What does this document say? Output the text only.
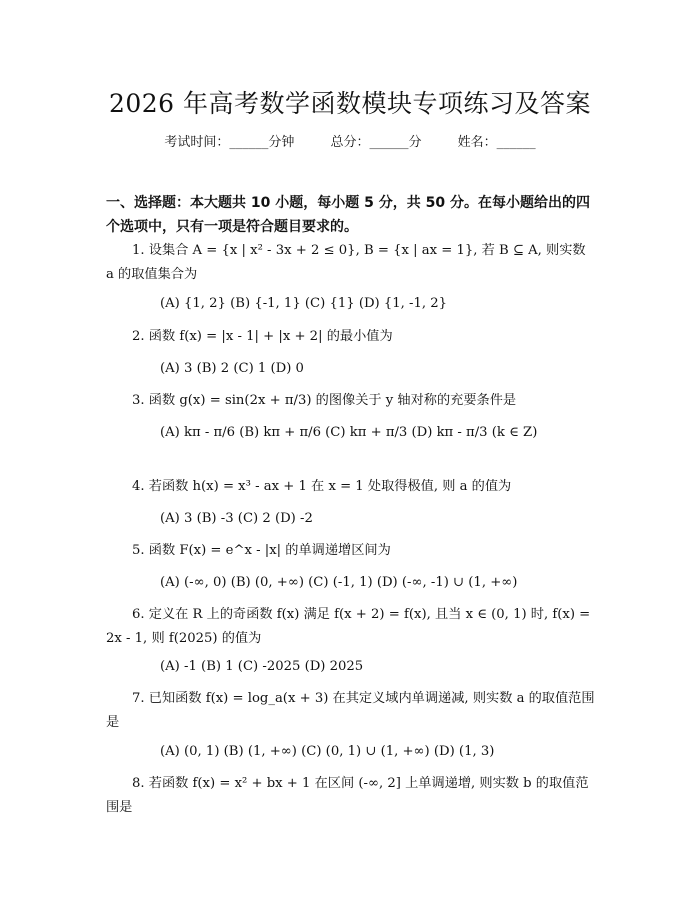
2026 年高考数学函数模块专项练习及答案
考试时间：______分钟	总分：______分	姓名：______
一、选择题：本大题共 10 小题，每小题 5 分，共 50 分。在每小题给出的四个选项中，只有一项是符合题目要求的。
1. 设集合 A = {x | x² - 3x + 2 ≤ 0}, B = {x | ax = 1}, 若 B ⊆ A, 则实数 a 的取值集合为
(A) {1, 2} (B) {-1, 1} (C) {1} (D) {1, -1, 2}
2. 函数 f(x) = |x - 1| + |x + 2| 的最小值为
(A) 3 (B) 2 (C) 1 (D) 0
3. 函数 g(x) = sin(2x + π/3) 的图像关于 y 轴对称的充要条件是
(A) kπ - π/6 (B) kπ + π/6 (C) kπ + π/3 (D) kπ - π/3 (k ∈ Z)
4. 若函数 h(x) = x³ - ax + 1 在 x = 1 处取得极值, 则 a 的值为
(A) 3 (B) -3 (C) 2 (D) -2
5. 函数 F(x) = e^x - |x| 的单调递增区间为
(A) (-∞, 0) (B) (0, +∞) (C) (-1, 1) (D) (-∞, -1) ∪ (1, +∞)
6. 定义在 R 上的奇函数 f(x) 满足 f(x + 2) = f(x), 且当 x ∈ (0, 1) 时, f(x) = 2x - 1, 则 f(2025) 的值为
(A) -1 (B) 1 (C) -2025 (D) 2025
7. 已知函数 f(x) = log_a(x + 3) 在其定义域内单调递减, 则实数 a 的取值范围是
(A) (0, 1) (B) (1, +∞) (C) (0, 1) ∪ (1, +∞) (D) (1, 3)
8. 若函数 f(x) = x² + bx + 1 在区间 (-∞, 2] 上单调递增, 则实数 b 的取值范围是
